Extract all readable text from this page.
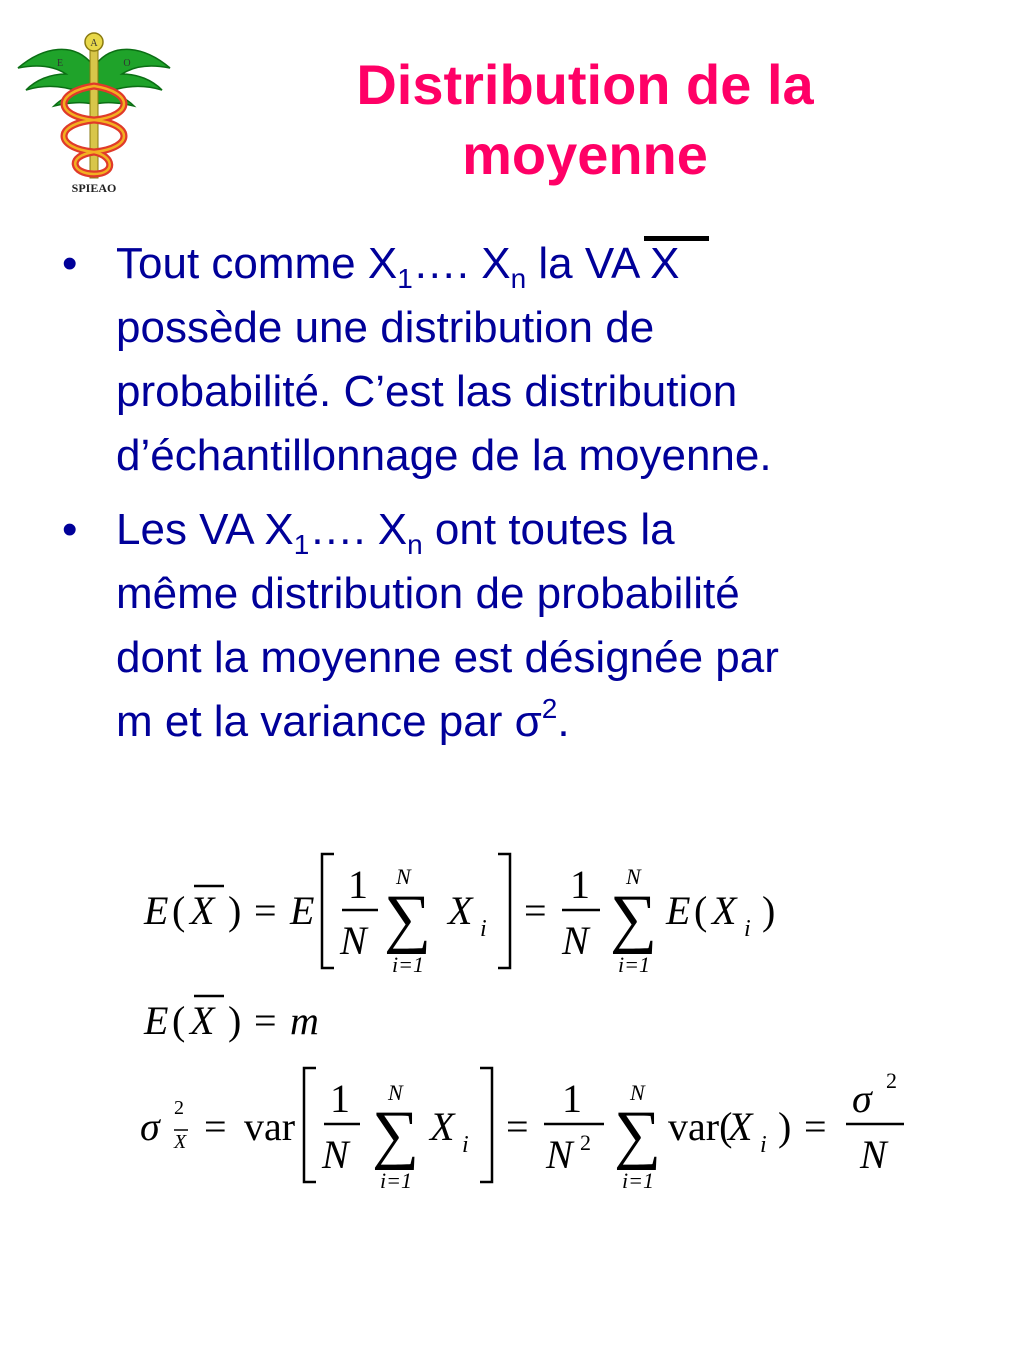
A
E	O
SPIEAO
Distribution de la
moyenne
• Tout comme $X_1\dots$. $X_n$ la VA X
possède une distribution de
probabilité. C’est las distribution
d’échantillonnage de la moyenne.
• Les VA $X_1\dots$. $X_n$ ont toutes la
même distribution de probabilité
dont la moyenne est désignée par
m et la variance par $\sigma^2$.
E ( X ) = E
1
N
N
∑
i=1
X i =
1
N
N
∑
i=1
E ( X i )
E ( X ) = m
σ 2
X = var
1
N
N
∑
i=1
X i =
1
N 2
N
∑
i=1
var(
X i ) =
σ 2
N
